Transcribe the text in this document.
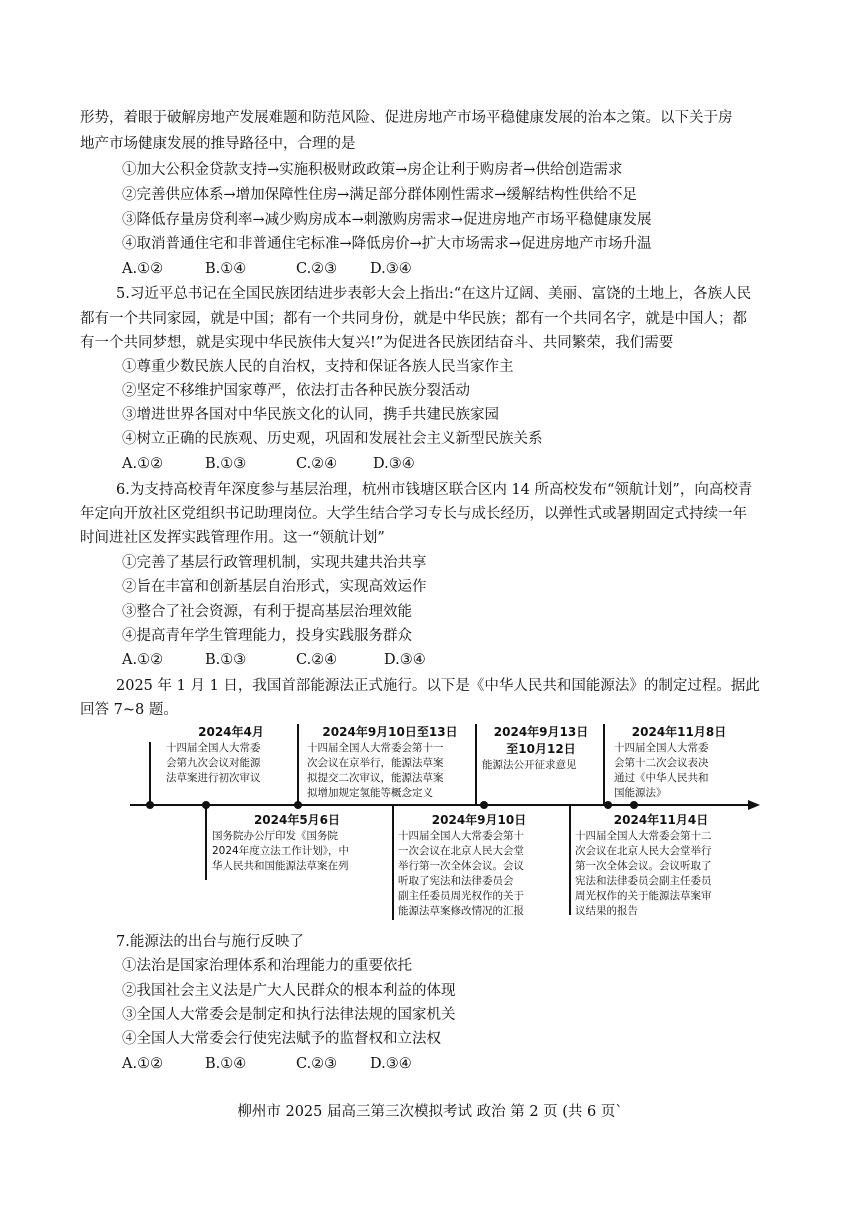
形势，着眼于破解房地产发展难题和防范风险、促进房地产市场平稳健康发展的治本之策。以下关于房
地产市场健康发展的推导路径中，合理的是
①加大公积金贷款支持→实施积极财政政策→房企让利于购房者→供给创造需求
②完善供应体系→增加保障性住房→满足部分群体刚性需求→缓解结构性供给不足
③降低存量房贷利率→减少购房成本→刺激购房需求→促进房地产市场平稳健康发展
④取消普通住宅和非普通住宅标准→降低房价→扩大市场需求→促进房地产市场升温
A.①②	B.①④	C.②③ D.③④
5.习近平总书记在全国民族团结进步表彰大会上指出:“在这片辽阔、美丽、富饶的土地上，各族人民
都有一个共同家园，就是中国；都有一个共同身份，就是中华民族；都有一个共同名字，就是中国人；都
有一个共同梦想，就是实现中华民族伟大复兴!”为促进各民族团结奋斗、共同繁荣，我们需要
①尊重少数民族人民的自治权，支持和保证各族人民当家作主
②坚定不移维护国家尊严，依法打击各种民族分裂活动
③增进世界各国对中华民族文化的认同，携手共建民族家园
④树立正确的民族观、历史观，巩固和发展社会主义新型民族关系
A.①②	B.①③	C.②④ D.③④
6.为支持高校青年深度参与基层治理，杭州市钱塘区联合区内 14 所高校发布“领航计划”，向高校青
年定向开放社区党组织书记助理岗位。大学生结合学习专长与成长经历，以弹性式或暑期固定式持续一年
时间进社区发挥实践管理作用。这一“领航计划”
①完善了基层行政管理机制，实现共建共治共享
②旨在丰富和创新基层自治形式，实现高效运作
③整合了社会资源，有利于提高基层治理效能
④提高青年学生管理能力，投身实践服务群众
A.①②	B.①③	C.②④	D.③④
2025 年 1 月 1 日，我国首部能源法正式施行。以下是《中华人民共和国能源法》的制定过程。据此
回答 7~8 题。
2024年4月
十四届全国人大常委
会第九次会议对能源
法草案进行初次审议
2024年9月10日至13日
十四届全国人大常委会第十一
次会议在京举行，能源法草案
拟提交二次审议，能源法草案
拟增加规定氢能等概念定义
2024年9月13日
至10月12日
能源法公开征求意见
2024年11月8日
十四届全国人大常委
会第十二次会议表决
通过《中华人民共和
国能源法》
2024年5月6日
国务院办公厅印发《国务院
2024年度立法工作计划》，中
华人民共和国能源法草案在列
2024年9月10日
十四届全国人大常委会第十
一次会议在北京人民大会堂
举行第一次全体会议。会议
听取了宪法和法律委员会
副主任委员周光权作的关于
能源法草案修改情况的汇报
2024年11月4日
十四届全国人大常委会第十二
次会议在北京人民大会堂举行
第一次全体会议。会议听取了
宪法和法律委员会副主任委员
周光权作的关于能源法草案审
议结果的报告
7.能源法的出台与施行反映了
①法治是国家治理体系和治理能力的重要依托
②我国社会主义法是广大人民群众的根本利益的体现
③全国人大常委会是制定和执行法律法规的国家机关
④全国人大常委会行使宪法赋予的监督权和立法权
A.①②	B.①④	C.②③ D.③④
柳州市 2025 届高三第三次模拟考试 政治 第 2 页 (共 6 页`
